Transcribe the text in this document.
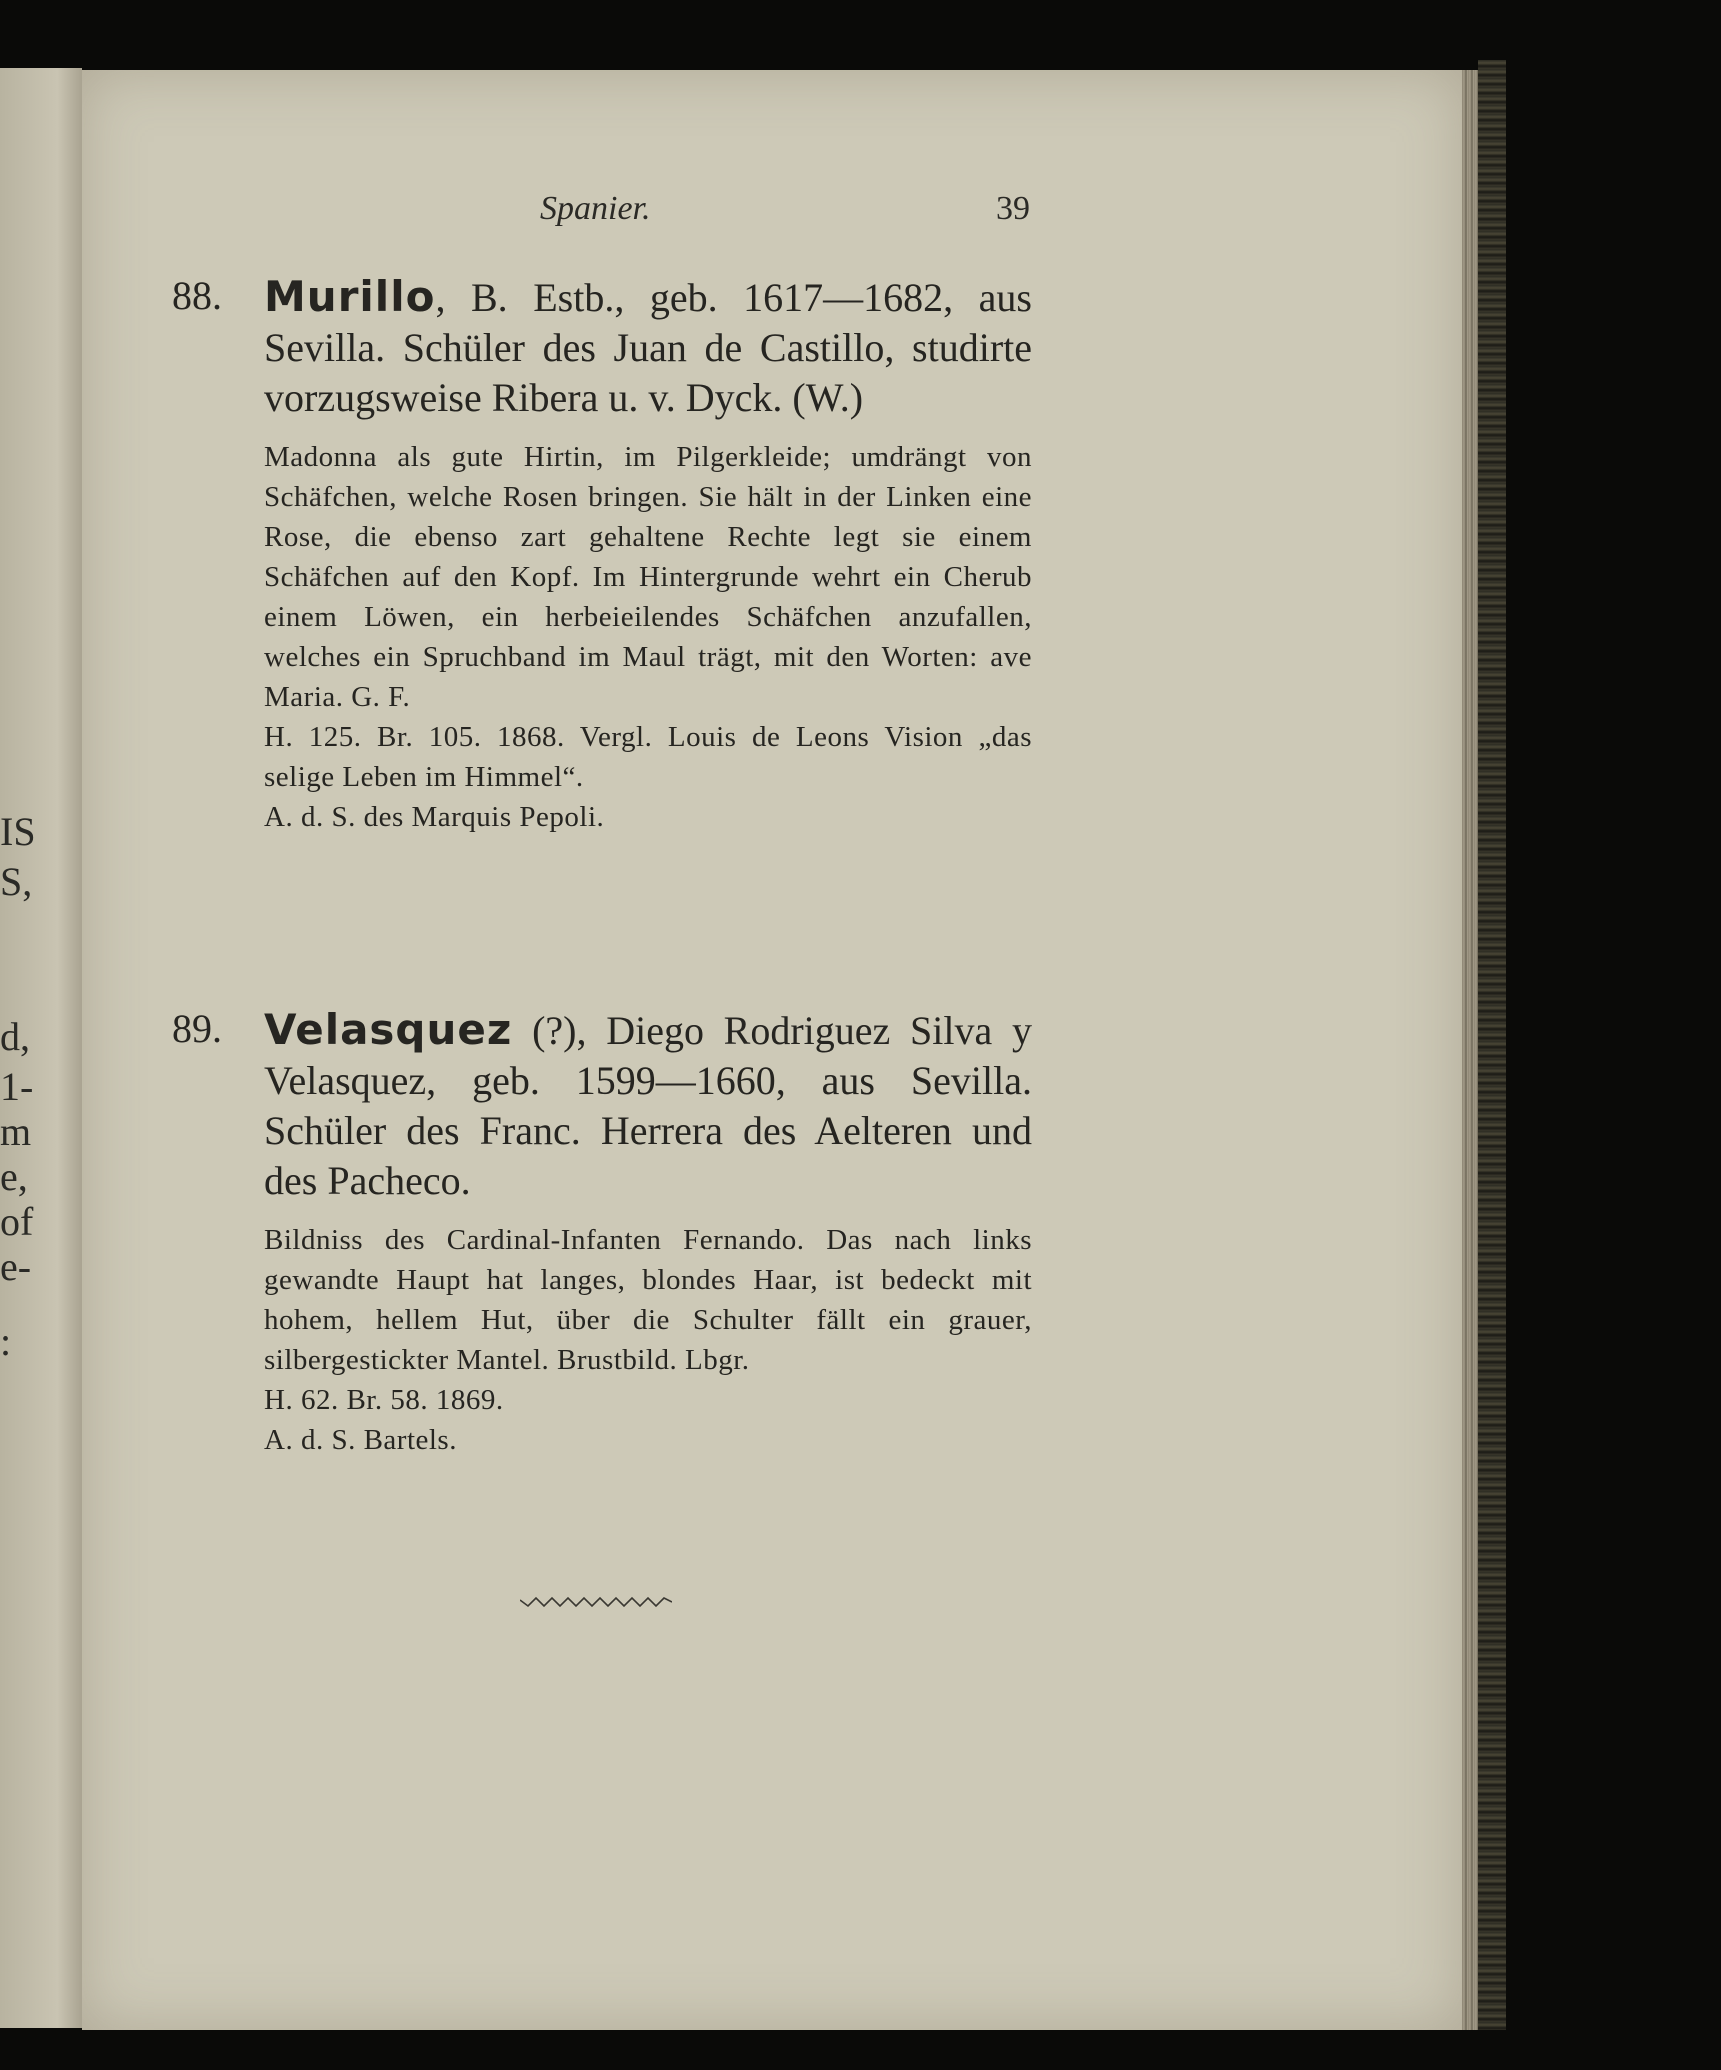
IS
S,
d,
1-
m
e,
of
e-
:
Spanier.	39
88. Murillo, B. Estb., geb. 1617—1682, aus Sevilla. Schüler des Juan de Castillo, studirte vorzugsweise Ribera u. v. Dyck. (W.)
Madonna als gute Hirtin, im Pilgerkleide; umdrängt von Schäfchen, welche Rosen bringen. Sie hält in der Linken eine Rose, die ebenso zart gehaltene Rechte legt sie einem Schäfchen auf den Kopf. Im Hintergrunde wehrt ein Cherub einem Löwen, ein herbeieilendes Schäfchen anzufallen, welches ein Spruchband im Maul trägt, mit den Worten: ave Maria. G. F.
H. 125. Br. 105. 1868. Vergl. Louis de Leons Vision „das selige Leben im Himmel“.
A. d. S. des Marquis Pepoli.
89. Velasquez (?), Diego Rodriguez Silva y Velasquez, geb. 1599—1660, aus Sevilla. Schüler des Franc. Herrera des Aelteren und des Pacheco.
Bildniss des Cardinal-Infanten Fernando. Das nach links gewandte Haupt hat langes, blondes Haar, ist bedeckt mit hohem, hellem Hut, über die Schulter fällt ein grauer, silbergestickter Mantel. Brustbild. Lbgr.
H. 62. Br. 58. 1869.
A. d. S. Bartels.
